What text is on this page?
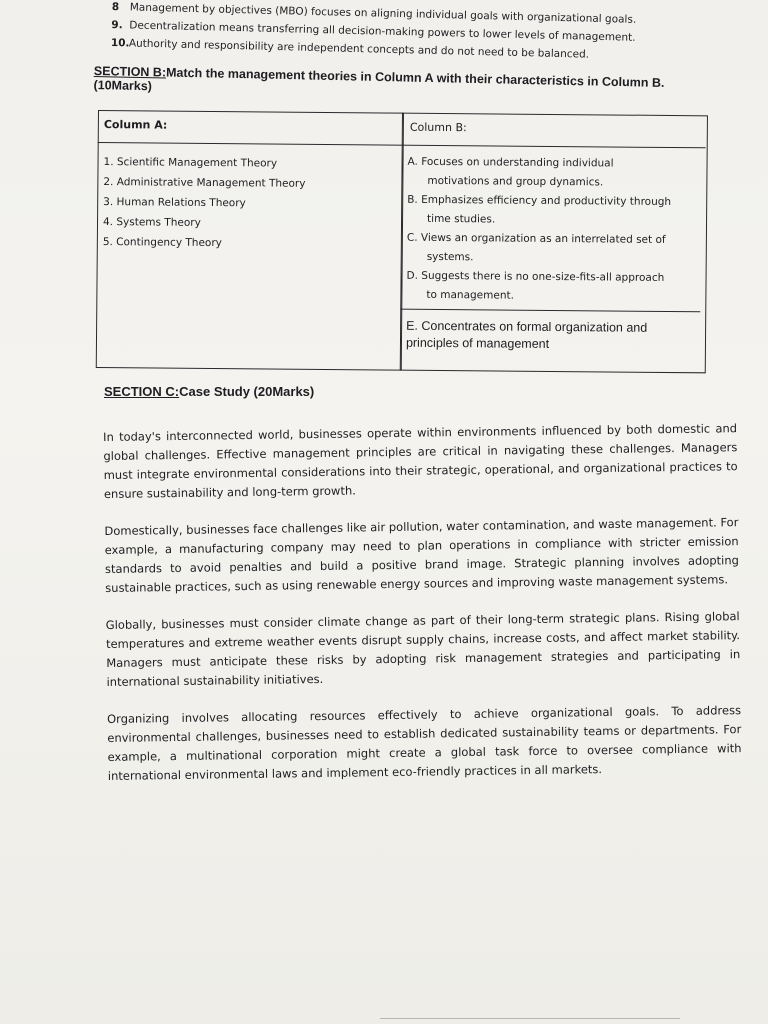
8 Management by objectives (MBO) focuses on aligning individual goals with organizational goals.
9. Decentralization means transferring all decision-making powers to lower levels of management.
10.Authority and responsibility are independent concepts and do not need to be balanced.
SECTION B:Match the management theories in Column A with their characteristics in Column B.(10Marks)
Column A:	Column B:
1. Scientific Management Theory
2. Administrative Management Theory
3. Human Relations Theory
4. Systems Theory
5. Contingency Theory
A. Focuses on understanding individual
motivations and group dynamics.
B. Emphasizes efficiency and productivity through
time studies.
C. Views an organization as an interrelated set of
systems.
D. Suggests there is no one-size-fits-all approach
to management.
E. Concentrates on formal organization and
principles of management
SECTION C:Case Study (20Marks)

In today's interconnected world, businesses operate within environments influenced by both domestic and global challenges. Effective management principles are critical in navigating these challenges. Managers must integrate environmental considerations into their strategic, operational, and organizational practices to ensure sustainability and long-term growth.

Domestically, businesses face challenges like air pollution, water contamination, and waste management. For example, a manufacturing company may need to plan operations in compliance with stricter emission standards to avoid penalties and build a positive brand image. Strategic planning involves adopting sustainable practices, such as using renewable energy sources and improving waste management systems.

Globally, businesses must consider climate change as part of their long-term strategic plans. Rising global temperatures and extreme weather events disrupt supply chains, increase costs, and affect market stability. Managers must anticipate these risks by adopting risk management strategies and participating in international sustainability initiatives.

Organizing involves allocating resources effectively to achieve organizational goals. To address environmental challenges, businesses need to establish dedicated sustainability teams or departments. For example, a multinational corporation might create a global task force to oversee compliance with international environmental laws and implement eco-friendly practices in all markets.
